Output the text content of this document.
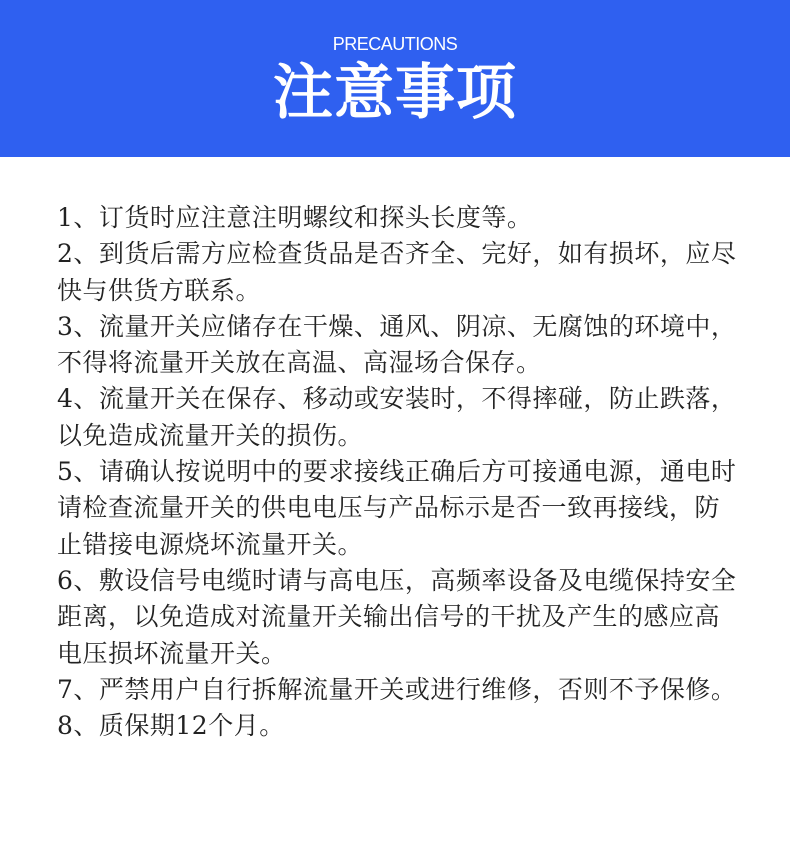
PRECAUTIONS
注意事项

1、订货时应注意注明螺纹和探头长度等。

2、到货后需方应检查货品是否齐全、完好，如有损坏，应尽快与供货方联系。

3、流量开关应储存在干燥、通风、阴凉、无腐蚀的环境中，不得将流量开关放在高温、高湿场合保存。

4、流量开关在保存、移动或安装时，不得摔碰，防止跌落，以免造成流量开关的损伤。

5、请确认按说明中的要求接线正确后方可接通电源，通电时请检查流量开关的供电电压与产品标示是否一致再接线，防止错接电源烧坏流量开关。

6、敷设信号电缆时请与高电压，高频率设备及电缆保持安全距离，以免造成对流量开关输出信号的干扰及产生的感应高电压损坏流量开关。

7、严禁用户自行拆解流量开关或进行维修，否则不予保修。

8、质保期12个月。
